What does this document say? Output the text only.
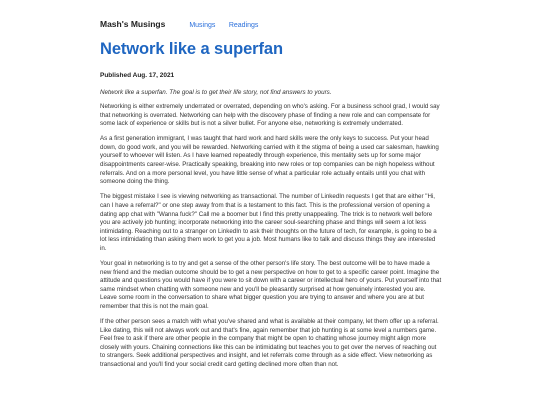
Mash's Musings	Musings Readings
Network like a superfan
Published Aug. 17, 2021
Network like a superfan. The goal is to get their life story, not find answers to yours.

Networking is either extremely underrated or overrated, depending on who's asking. For a business school grad, I would say that networking is overrated. Networking can help with the discovery phase of finding a new role and can compensate for some lack of experience or skills but is not a silver bullet. For anyone else, networking is extremely underrated.

As a first generation immigrant, I was taught that hard work and hard skills were the only keys to success. Put your head down, do good work, and you will be rewarded. Networking carried with it the stigma of being a used car salesman, hawking yourself to whoever will listen. As I have learned repeatedly through experience, this mentality sets up for some major disappointments career-wise. Practically speaking, breaking into new roles or top companies can be nigh hopeless without referrals. And on a more personal level, you have little sense of what a particular role actually entails until you chat with someone doing the thing.

The biggest mistake I see is viewing networking as transactional. The number of LinkedIn requests I get that are either "Hi, can I have a referral?" or one step away from that is a testament to this fact. This is the professional version of opening a dating app chat with "Wanna fuck?" Call me a boomer but I find this pretty unappealing. The trick is to network well before you are actively job hunting; incorporate networking into the career soul-searching phase and things will seem a lot less intimidating. Reaching out to a stranger on LinkedIn to ask their thoughts on the future of tech, for example, is going to be a lot less intimidating than asking them work to get you a job. Most humans like to talk and discuss things they are interested in.

Your goal in networking is to try and get a sense of the other person's life story. The best outcome will be to have made a new friend and the median outcome should be to get a new perspective on how to get to a specific career point. Imagine the attitude and questions you would have if you were to sit down with a career or intellectual hero of yours. Put yourself into that same mindset when chatting with someone new and you'll be pleasantly surprised at how genuinely interested you are. Leave some room in the conversation to share what bigger question you are trying to answer and where you are at but remember that this is not the main goal.

If the other person sees a match with what you've shared and what is available at their company, let them offer up a referral. Like dating, this will not always work out and that's fine, again remember that job hunting is at some level a numbers game. Feel free to ask if there are other people in the company that might be open to chatting whose journey might align more closely with yours. Chaining connections like this can be intimidating but teaches you to get over the nerves of reaching out to strangers. Seek additional perspectives and insight, and let referrals come through as a side effect. View networking as transactional and you'll find your social credit card getting declined more often than not.
